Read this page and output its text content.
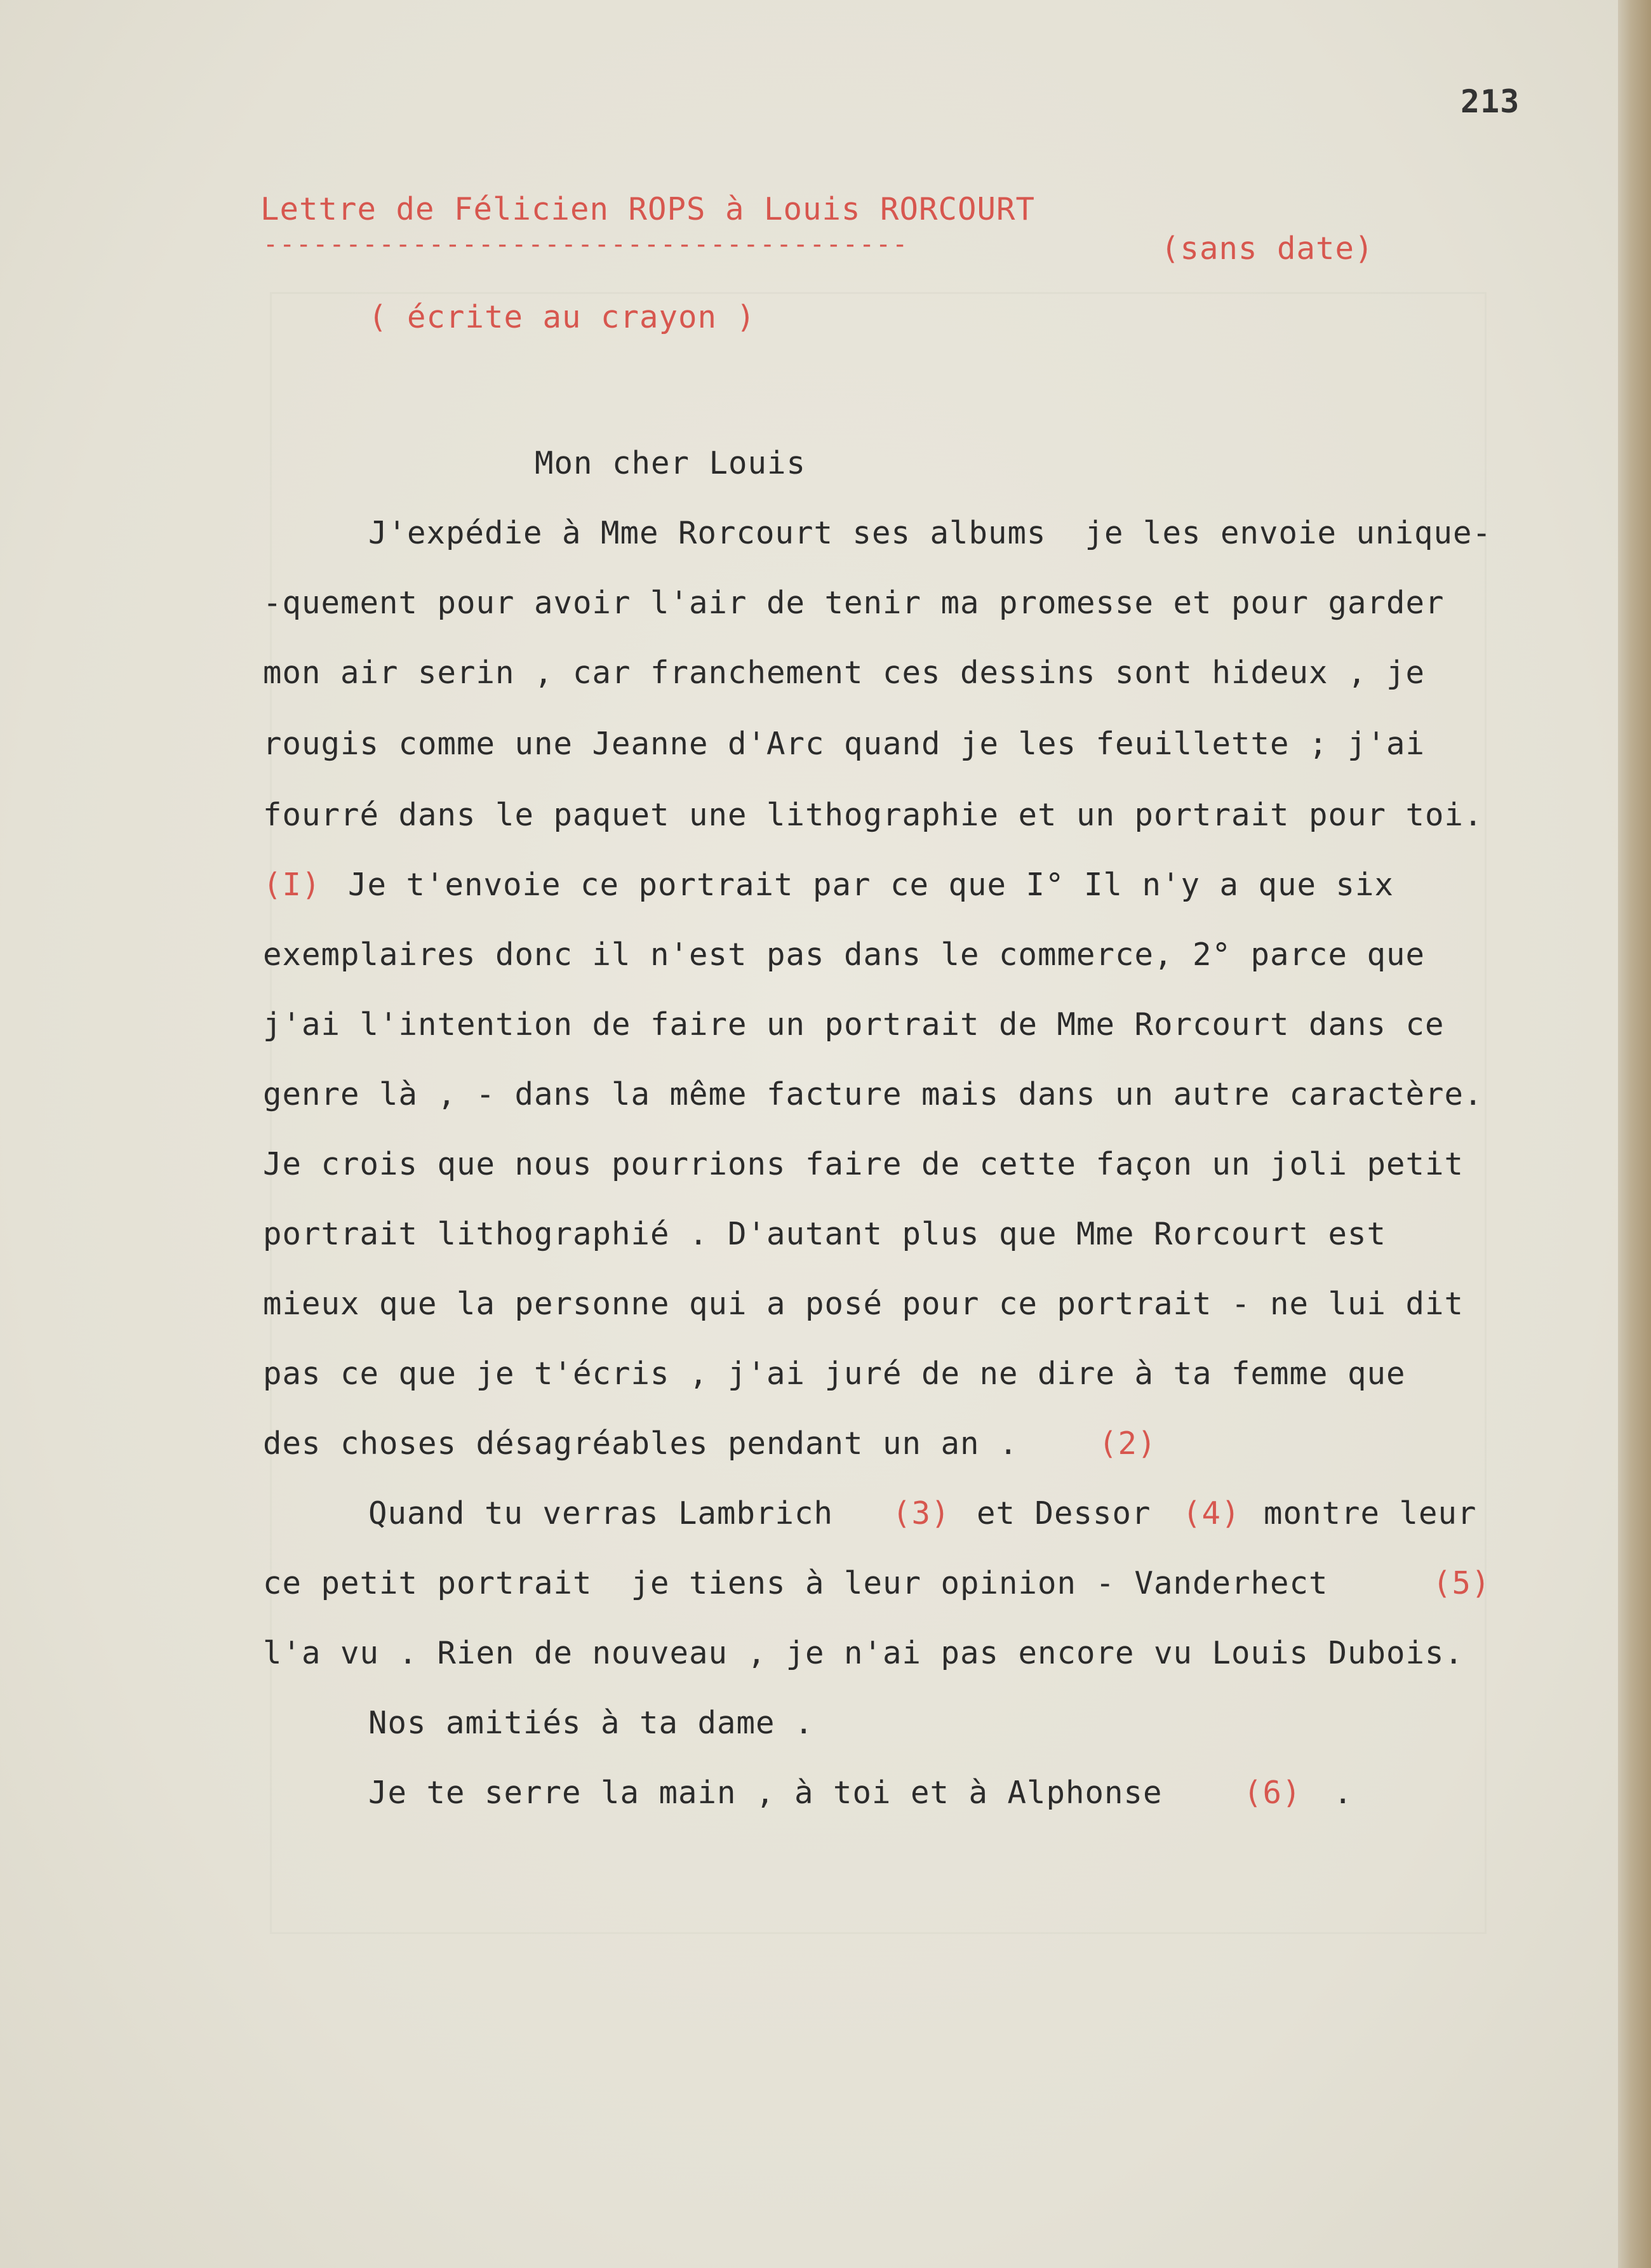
213
Lettre de Félicien ROPS à Louis RORCOURT
---------------------------------------	(sans date)
( écrite au crayon )
Mon cher Louis
J'expédie à Mme Rorcourt ses albums  je les envoie unique-
-quement pour avoir l'air de tenir ma promesse et pour garder
mon air serin , car franchement ces dessins sont hideux , je
rougis comme une Jeanne d'Arc quand je les feuillette ; j'ai
fourré dans le paquet une lithographie et un portrait pour toi.
(I) Je t'envoie ce portrait par ce que I° Il n'y a que six
exemplaires donc il n'est pas dans le commerce, 2° parce que
j'ai l'intention de faire un portrait de Mme Rorcourt dans ce
genre là , - dans la même facture mais dans un autre caractère.
Je crois que nous pourrions faire de cette façon un joli petit
portrait lithographié . D'autant plus que Mme Rorcourt est
mieux que la personne qui a posé pour ce portrait - ne lui dit
pas ce que je t'écris , j'ai juré de ne dire à ta femme que
des choses désagréables pendant un an .	(2)
Quand tu verras Lambrich (3) et Dessor (4) montre leur
ce petit portrait  je tiens à leur opinion - Vanderhect	(5)
l'a vu . Rien de nouveau , je n'ai pas encore vu Louis Dubois.
Nos amitiés à ta dame .
Je te serre la main , à toi et à Alphonse	(6) .
